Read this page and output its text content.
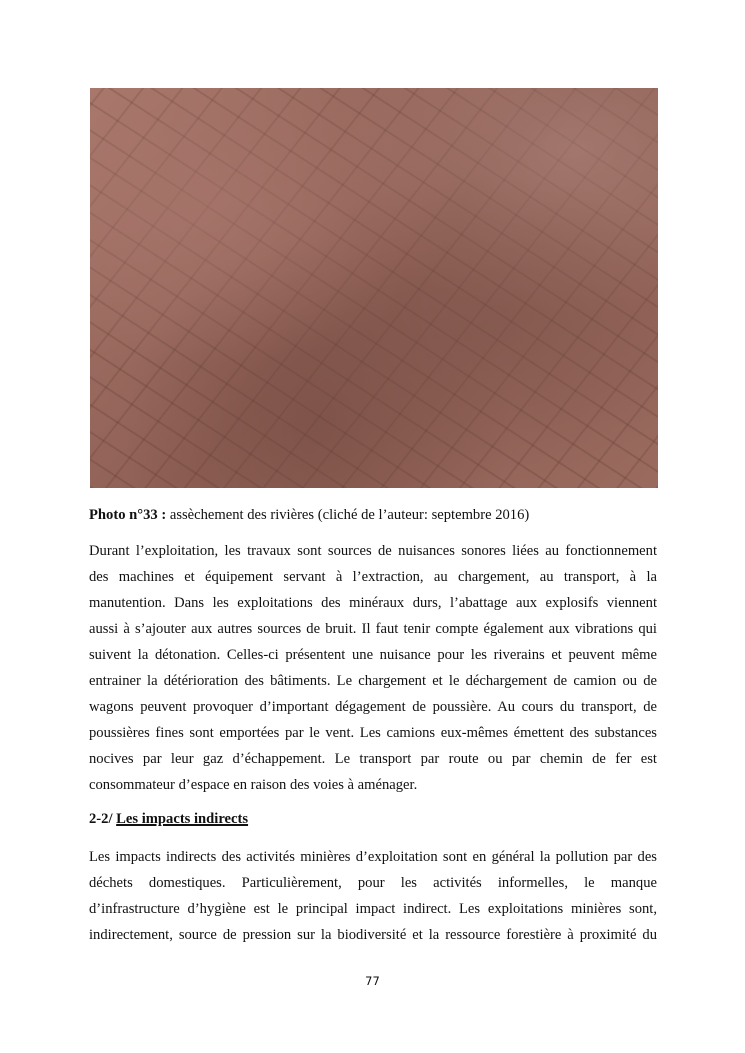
Photo n°33 : assèchement des rivières (cliché de l’auteur: septembre 2016)
Durant l’exploitation, les travaux sont sources de nuisances sonores liées au fonctionnement
des machines et équipement servant à l’extraction, au chargement, au transport, à la
manutention. Dans les exploitations des minéraux durs, l’abattage aux explosifs viennent
aussi à s’ajouter aux autres sources de bruit. Il faut tenir compte également aux vibrations qui
suivent la détonation. Celles-ci présentent une nuisance pour les riverains et peuvent même
entrainer la détérioration des bâtiments. Le chargement et le déchargement de camion ou de
wagons peuvent provoquer d’important dégagement de poussière. Au cours du transport, de
poussières fines sont emportées par le vent. Les camions eux-mêmes émettent des substances
nocives par leur gaz d’échappement. Le transport par route ou par chemin de fer est
consommateur d’espace en raison des voies à aménager.
2-2/ Les impacts indirects
Les impacts indirects des activités minières d’exploitation sont en général la pollution par des
déchets domestiques. Particulièrement, pour les activités informelles, le manque
d’infrastructure d’hygiène est le principal impact indirect. Les exploitations minières sont,
indirectement, source de pression sur la biodiversité et la ressource forestière à proximité du
77
